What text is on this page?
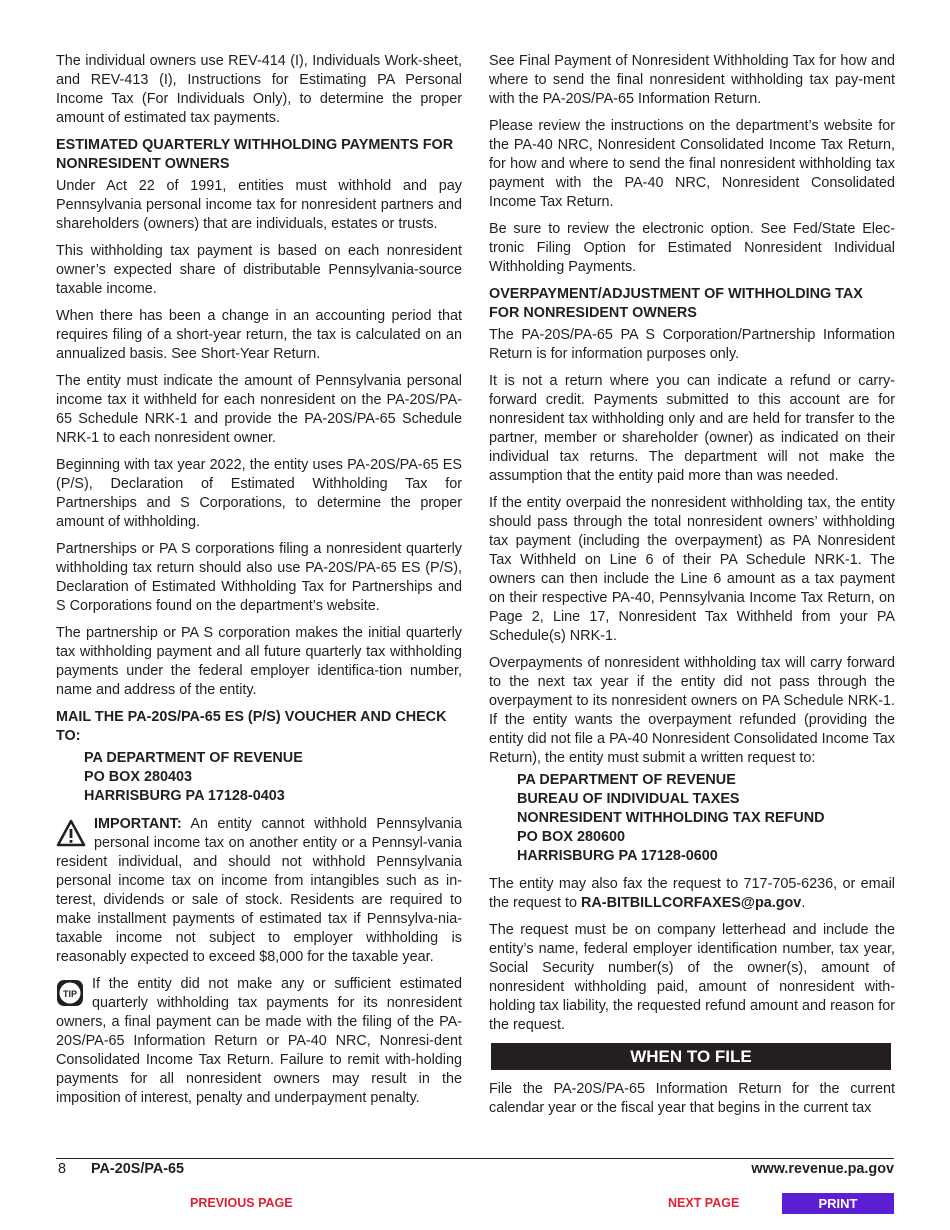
The individual owners use REV-414 (I), Individuals Work-sheet, and REV-413 (I), Instructions for Estimating PA Personal Income Tax (For Individuals Only), to determine the proper amount of estimated tax payments.

ESTIMATED QUARTERLY WITHHOLDING PAYMENTS FOR NONRESIDENT OWNERS

Under Act 22 of 1991, entities must withhold and pay Pennsylvania personal income tax for nonresident partners and shareholders (owners) that are individuals, estates or trusts.

This withholding tax payment is based on each nonresident owner’s expected share of distributable Pennsylvania-source taxable income.

When there has been a change in an accounting period that requires filing of a short-year return, the tax is calculated on an annualized basis. See Short-Year Return.

The entity must indicate the amount of Pennsylvania personal income tax it withheld for each nonresident on the PA-20S/PA-65 Schedule NRK-1 and provide the PA-20S/PA-65 Schedule NRK-1 to each nonresident owner.

Beginning with tax year 2022, the entity uses PA-20S/PA-65 ES (P/S), Declaration of Estimated Withholding Tax for Partnerships and S Corporations, to determine the proper amount of withholding.

Partnerships or PA S corporations filing a nonresident quarterly withholding tax return should also use PA-20S/PA-65 ES (P/S), Declaration of Estimated Withholding Tax for Partnerships and S Corporations found on the department’s website.

The partnership or PA S corporation makes the initial quarterly tax withholding payment and all future quarterly tax withholding payments under the federal employer identifica-tion number, name and address of the entity.

MAIL THE PA-20S/PA-65 ES (P/S) VOUCHER AND CHECK TO:
PA DEPARTMENT OF REVENUE
PO BOX 280403
HARRISBURG PA 17128-0403
IMPORTANT: An entity cannot withhold Pennsylvania personal income tax on another entity or a Pennsyl-vania resident individual, and should not withhold Pennsylvania personal income tax on income from intangibles such as in-terest, dividends or sale of stock. Residents are required to make installment payments of estimated tax if Pennsylva-nia-taxable income not subject to employer withholding is reasonably expected to exceed $8,000 for the taxable year.
TIP
If the entity did not make any or sufficient estimated quarterly withholding tax payments for its nonresident owners, a final payment can be made with the filing of the PA-20S/PA-65 Information Return or PA-40 NRC, Nonresi-dent Consolidated Income Tax Return. Failure to remit with-holding payments for all nonresident owners may result in the imposition of interest, penalty and underpayment penalty.

See Final Payment of Nonresident Withholding Tax for how and where to send the final nonresident withholding tax pay-ment with the PA-20S/PA-65 Information Return.

Please review the instructions on the department’s website for the PA-40 NRC, Nonresident Consolidated Income Tax Return, for how and where to send the final nonresident withholding tax payment with the PA-40 NRC, Nonresident Consolidated Income Tax Return.

Be sure to review the electronic option. See Fed/State Elec-tronic Filing Option for Estimated Nonresident Individual Withholding Payments.

OVERPAYMENT/ADJUSTMENT OF WITHHOLDING TAX FOR NONRESIDENT OWNERS

The PA-20S/PA-65 PA S Corporation/Partnership Information Return is for information purposes only.

It is not a return where you can indicate a refund or carry-forward credit. Payments submitted to this account are for nonresident tax withholding only and are held for transfer to the partner, member or shareholder (owner) as indicated on their individual tax returns. The department will not make the assumption that the entity paid more than was needed.

If the entity overpaid the nonresident withholding tax, the entity should pass through the total nonresident owners’ withholding tax payment (including the overpayment) as PA Nonresident Tax Withheld on Line 6 of their PA Schedule NRK-1. The owners can then include the Line 6 amount as a tax payment on their respective PA-40, Pennsylvania Income Tax Return, on Page 2, Line 17, Nonresident Tax Withheld from your PA Schedule(s) NRK-1.

Overpayments of nonresident withholding tax will carry forward to the next tax year if the entity did not pass through the overpayment to its nonresident owners on PA Schedule NRK-1. If the entity wants the overpayment refunded (providing the entity did not file a PA-40 Nonresident Consolidated Income Tax Return), the entity must submit a written request to:

PA DEPARTMENT OF REVENUE
BUREAU OF INDIVIDUAL TAXES
NONRESIDENT WITHHOLDING TAX REFUND
PO BOX 280600
HARRISBURG PA 17128-0600

The entity may also fax the request to 717-705-6236, or email the request to RA-BITBILLCORFAXES@pa.gov.

The request must be on company letterhead and include the entity’s name, federal employer identification number, tax year, Social Security number(s) of the owner(s), amount of nonresident withholding paid, amount of nonresident with-holding tax liability, the requested refund amount and reason for the request.

WHEN TO FILE

File the PA-20S/PA-65 Information Return for the current calendar year or the fiscal year that begins in the current tax

8 PA-20S/PA-65	www.revenue.pa.gov
PREVIOUS PAGE	NEXT PAGE	PRINT
